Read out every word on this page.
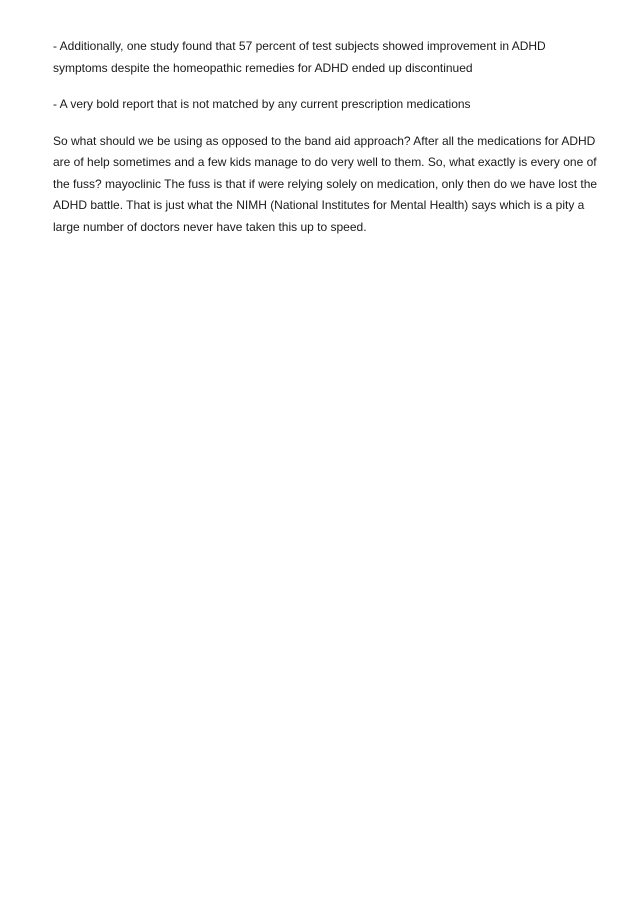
- Additionally, one study found that 57 percent of test subjects showed improvement in ADHD symptoms despite the homeopathic remedies for ADHD ended up discontinued

- A very bold report that is not matched by any current prescription medications

So what should we be using as opposed to the band aid approach? After all the medications for ADHD are of help sometimes and a few kids manage to do very well to them. So, what exactly is every one of the fuss? mayoclinic The fuss is that if were relying solely on medication, only then do we have lost the ADHD battle. That is just what the NIMH (National Institutes for Mental Health) says which is a pity a large number of doctors never have taken this up to speed.
